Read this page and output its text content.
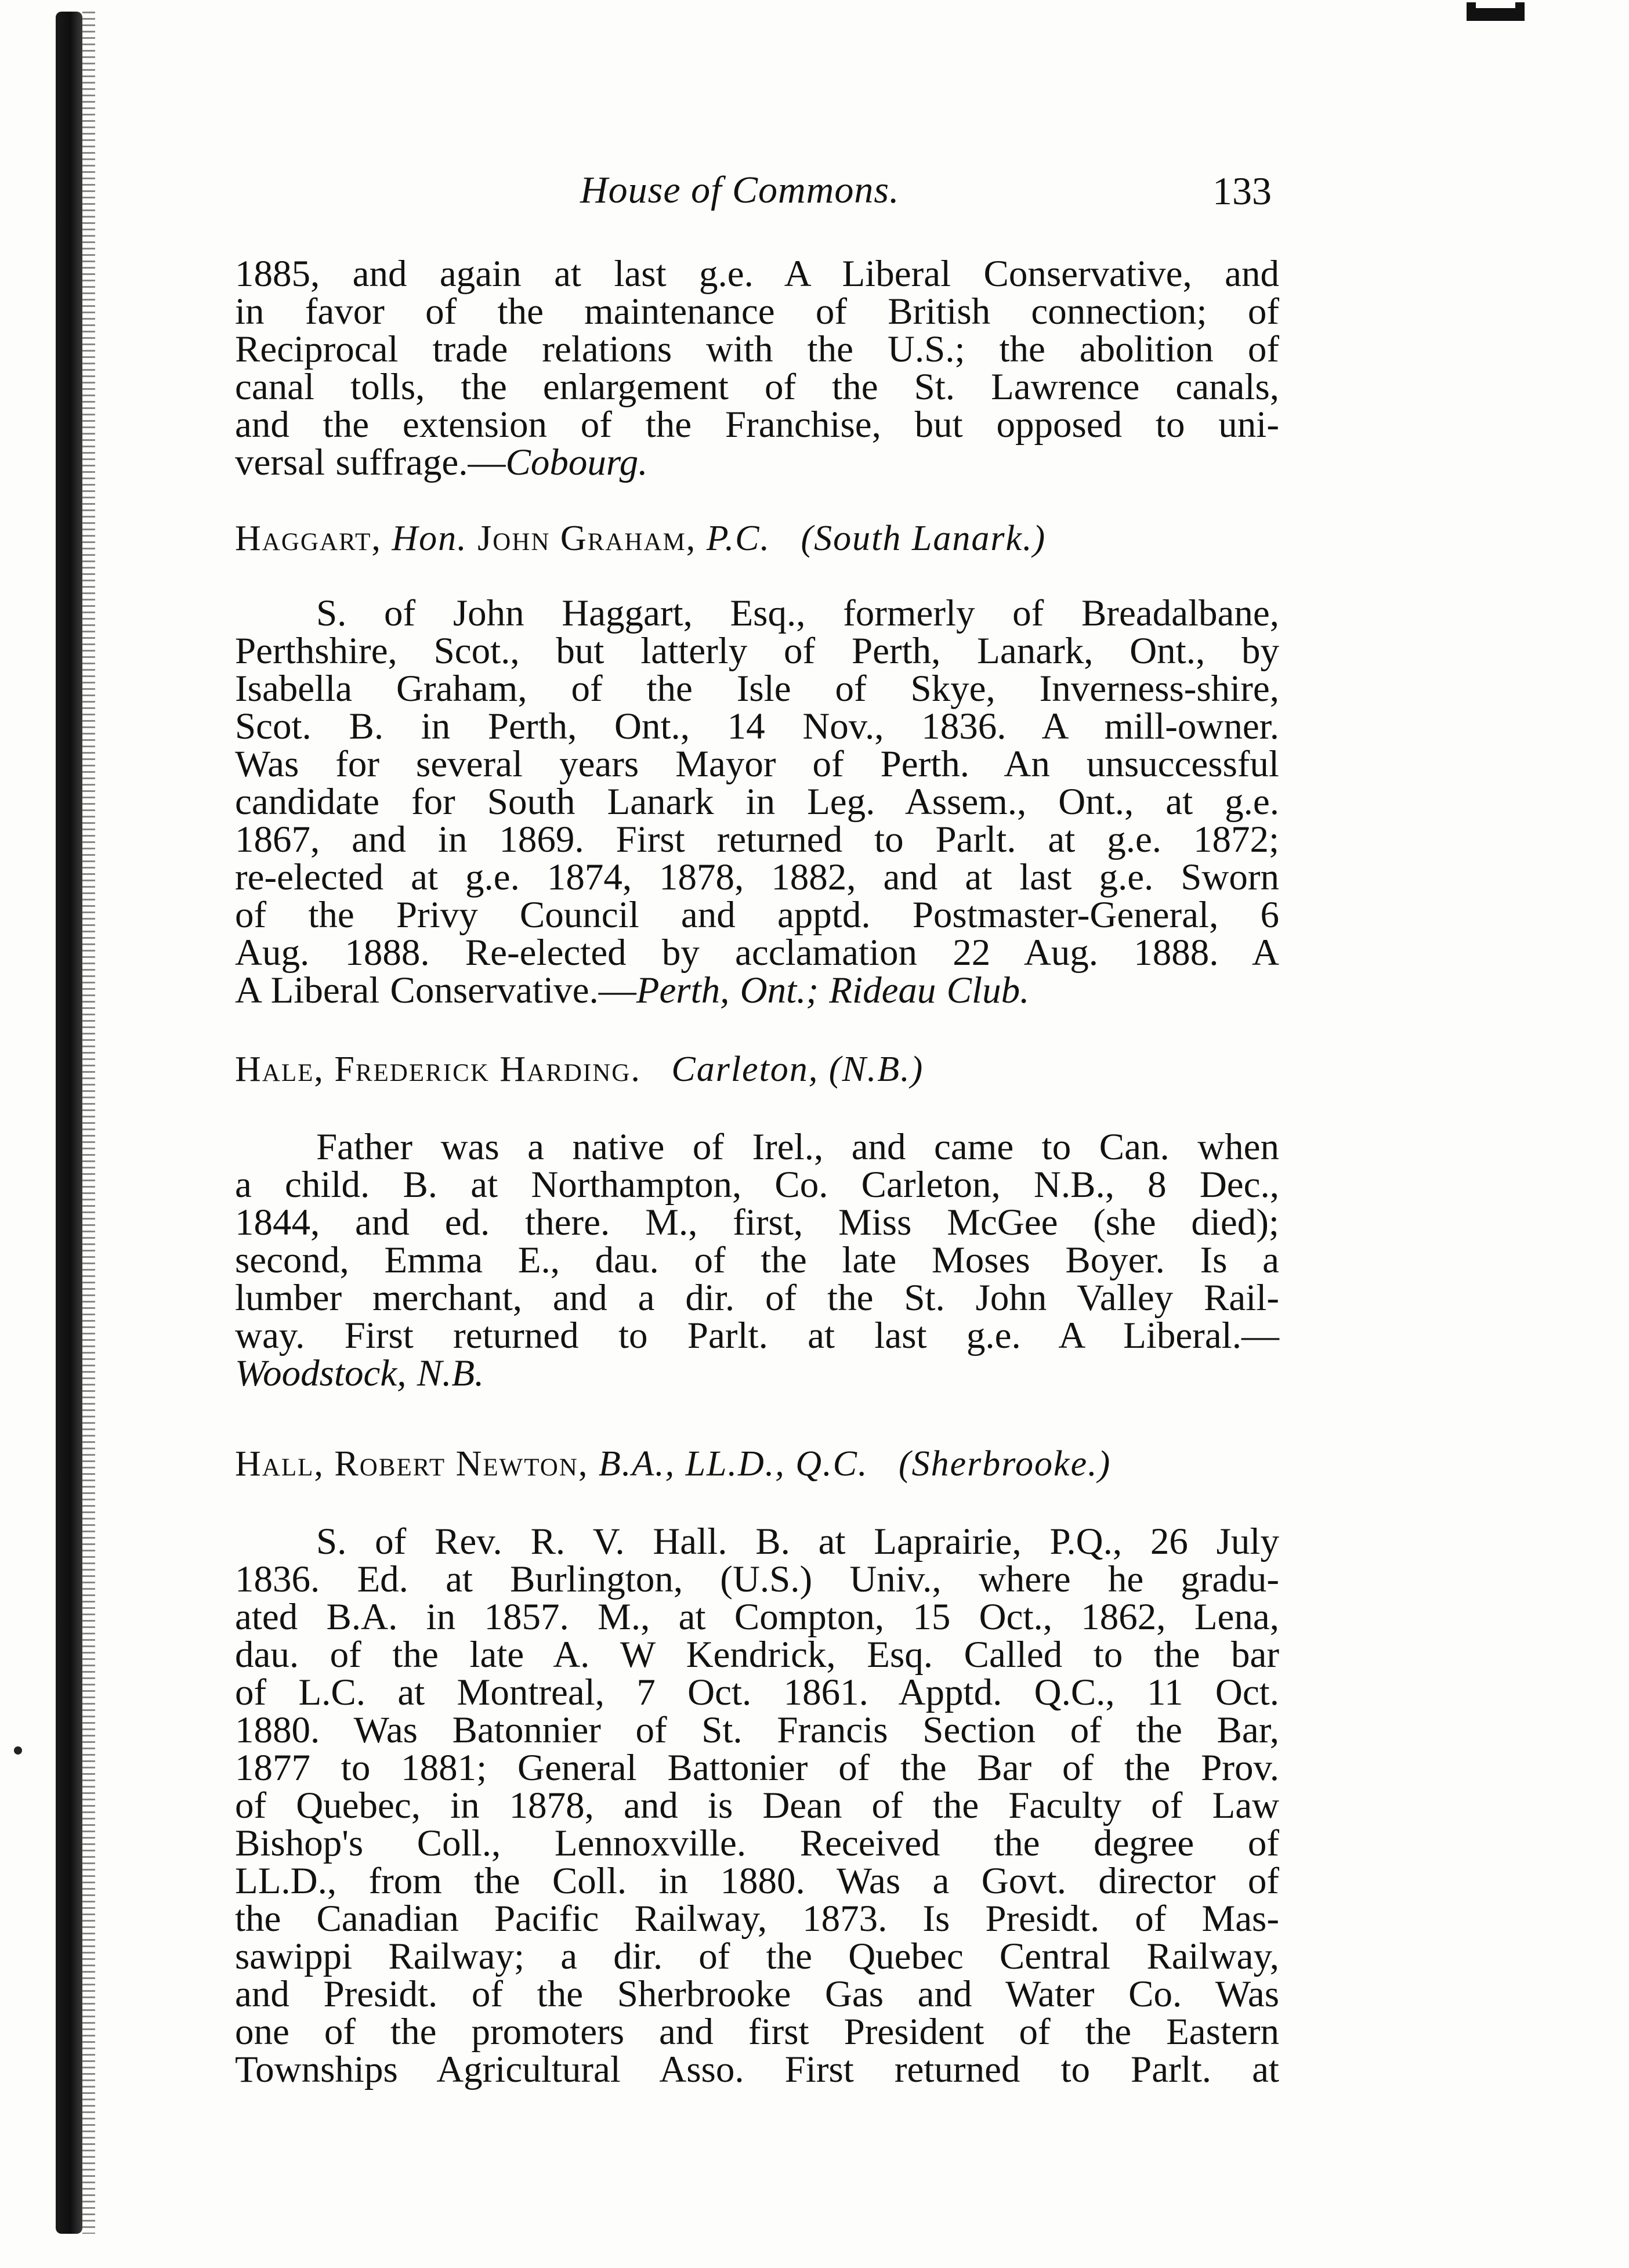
House of Commons.	133
1885, and again at last g.e. A Liberal Conservative, and
in favor of the maintenance of British connection; of
Reciprocal trade relations with the U.S.; the abolition of
canal tolls, the enlargement of the St. Lawrence canals,
and the extension of the Franchise, but opposed to uni-
versal suffrage.—Cobourg.
Haggart, Hon. John Graham, P.C. (South Lanark.)
S. of John Haggart, Esq., formerly of Breadalbane,
Perthshire, Scot., but latterly of Perth, Lanark, Ont., by
Isabella Graham, of the Isle of Skye, Inverness-shire,
Scot. B. in Perth, Ont., 14 Nov., 1836. A mill-owner.
Was for several years Mayor of Perth. An unsuccessful
candidate for South Lanark in Leg. Assem., Ont., at g.e.
1867, and in 1869. First returned to Parlt. at g.e. 1872;
re-elected at g.e. 1874, 1878, 1882, and at last g.e. Sworn
of the Privy Council and apptd. Postmaster-General, 6
Aug. 1888. Re-elected by acclamation 22 Aug. 1888. A
A Liberal Conservative.—Perth, Ont.; Rideau Club.
Hale, Frederick Harding. Carleton, (N.B.)
Father was a native of Irel., and came to Can. when
a child. B. at Northampton, Co. Carleton, N.B., 8 Dec.,
1844, and ed. there. M., first, Miss McGee (she died);
second, Emma E., dau. of the late Moses Boyer. Is a
lumber merchant, and a dir. of the St. John Valley Rail-
way. First returned to Parlt. at last g.e. A Liberal.—
Woodstock, N.B.
Hall, Robert Newton, B.A., LL.D., Q.C. (Sherbrooke.)
S. of Rev. R. V. Hall. B. at Laprairie, P.Q., 26 July
1836. Ed. at Burlington, (U.S.) Univ., where he gradu-
ated B.A. in 1857. M., at Compton, 15 Oct., 1862, Lena,
dau. of the late A. W Kendrick, Esq. Called to the bar
of L.C. at Montreal, 7 Oct. 1861. Apptd. Q.C., 11 Oct.
1880. Was Batonnier of St. Francis Section of the Bar,
1877 to 1881; General Battonier of the Bar of the Prov.
of Quebec, in 1878, and is Dean of the Faculty of Law
Bishop's Coll., Lennoxville. Received the degree of
LL.D., from the Coll. in 1880. Was a Govt. director of
the Canadian Pacific Railway, 1873. Is Presidt. of Mas-
sawippi Railway; a dir. of the Quebec Central Railway,
and Presidt. of the Sherbrooke Gas and Water Co. Was
one of the promoters and first President of the Eastern
Townships Agricultural Asso. First returned to Parlt. at
